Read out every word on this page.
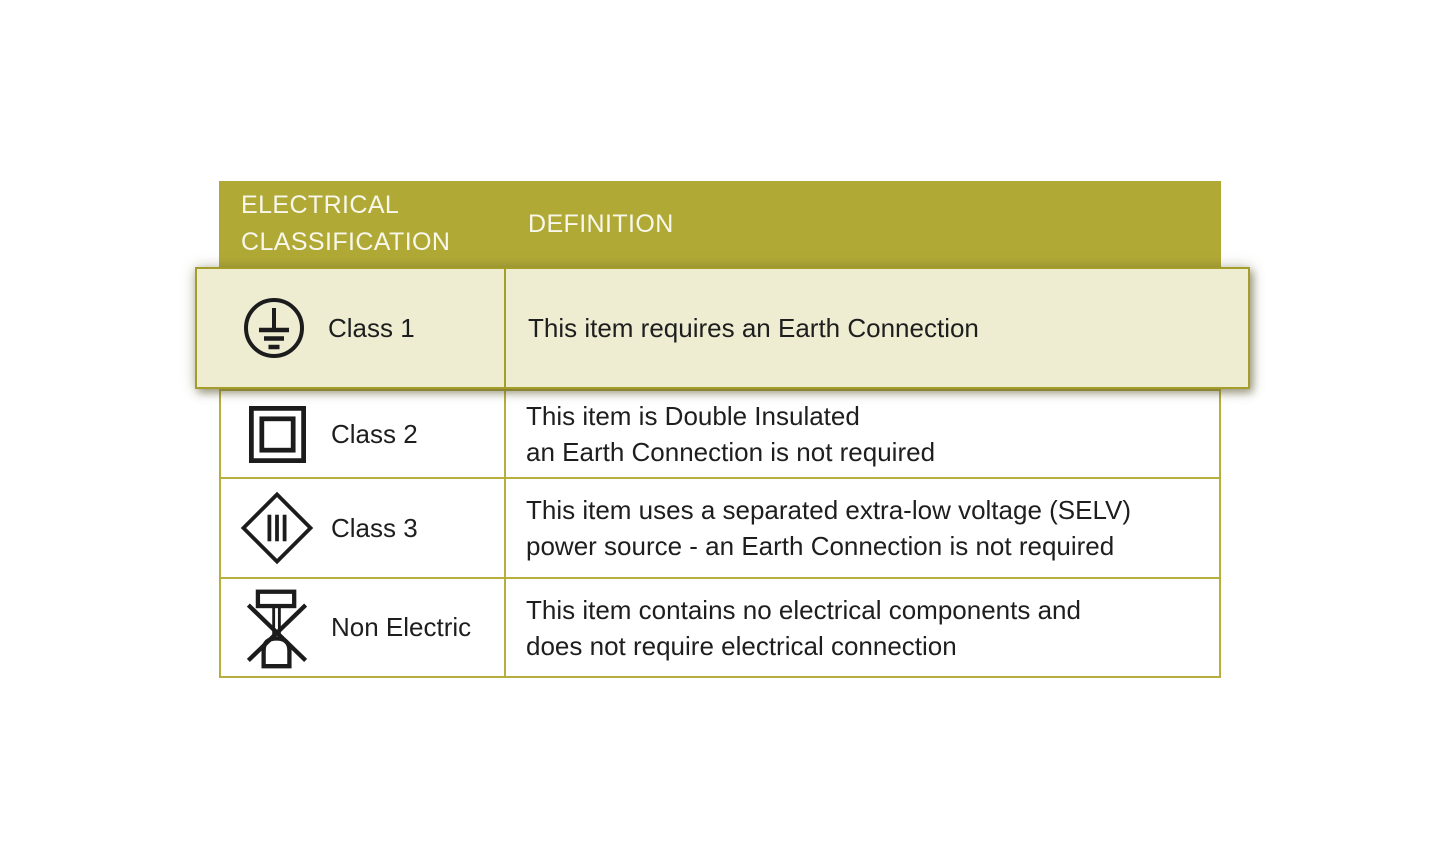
ELECTRICAL CLASSIFICATION
DEFINITION
Class 2
This item is Double Insulated
an Earth Connection is not required
Class 3
This item uses a separated extra-low voltage (SELV)
power source - an Earth Connection is not required
Non Electric
This item contains no electrical components and
does not require electrical connection
Class 1	This item requires an Earth Connection
